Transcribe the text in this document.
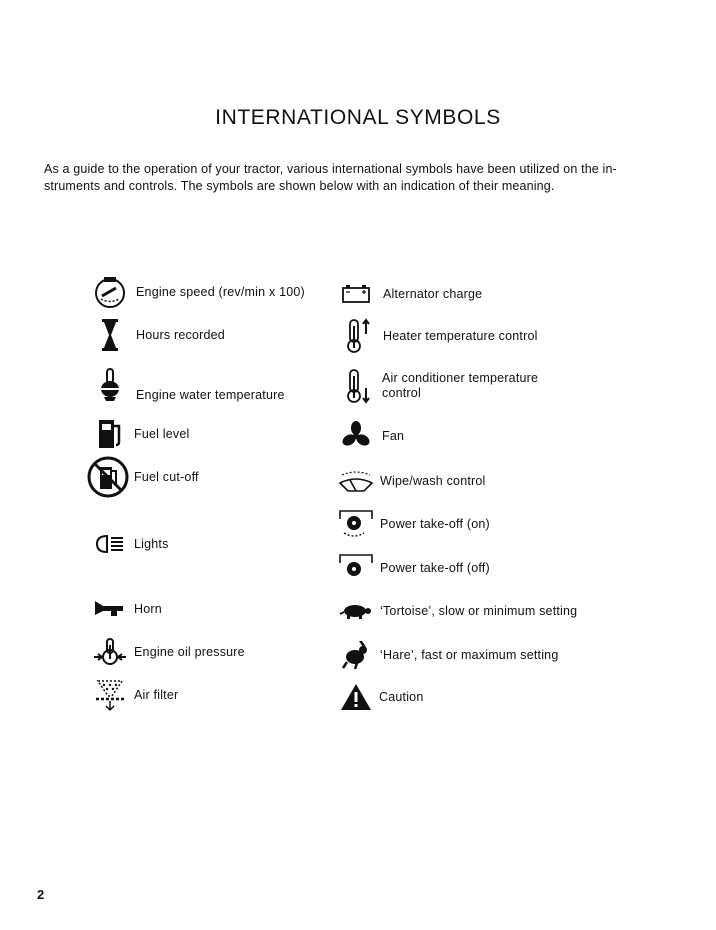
INTERNATIONAL SYMBOLS
As a guide to the operation of your tractor, various international symbols have been utilized on the in-
struments and controls. The symbols are shown below with an indication of their meaning.
Engine speed (rev/min x 100)
Hours recorded
Engine water temperature
Fuel level
Fuel cut-off
Lights
Horn
Engine oil pressure
Air filter
Alternator charge
Heater temperature control
Air conditioner temperature
control
Fan
Wipe/wash control
Power take-off (on)
Power take-off (off)
‘Tortoise’, slow or minimum setting
‘Hare’, fast or maximum setting
Caution
2
